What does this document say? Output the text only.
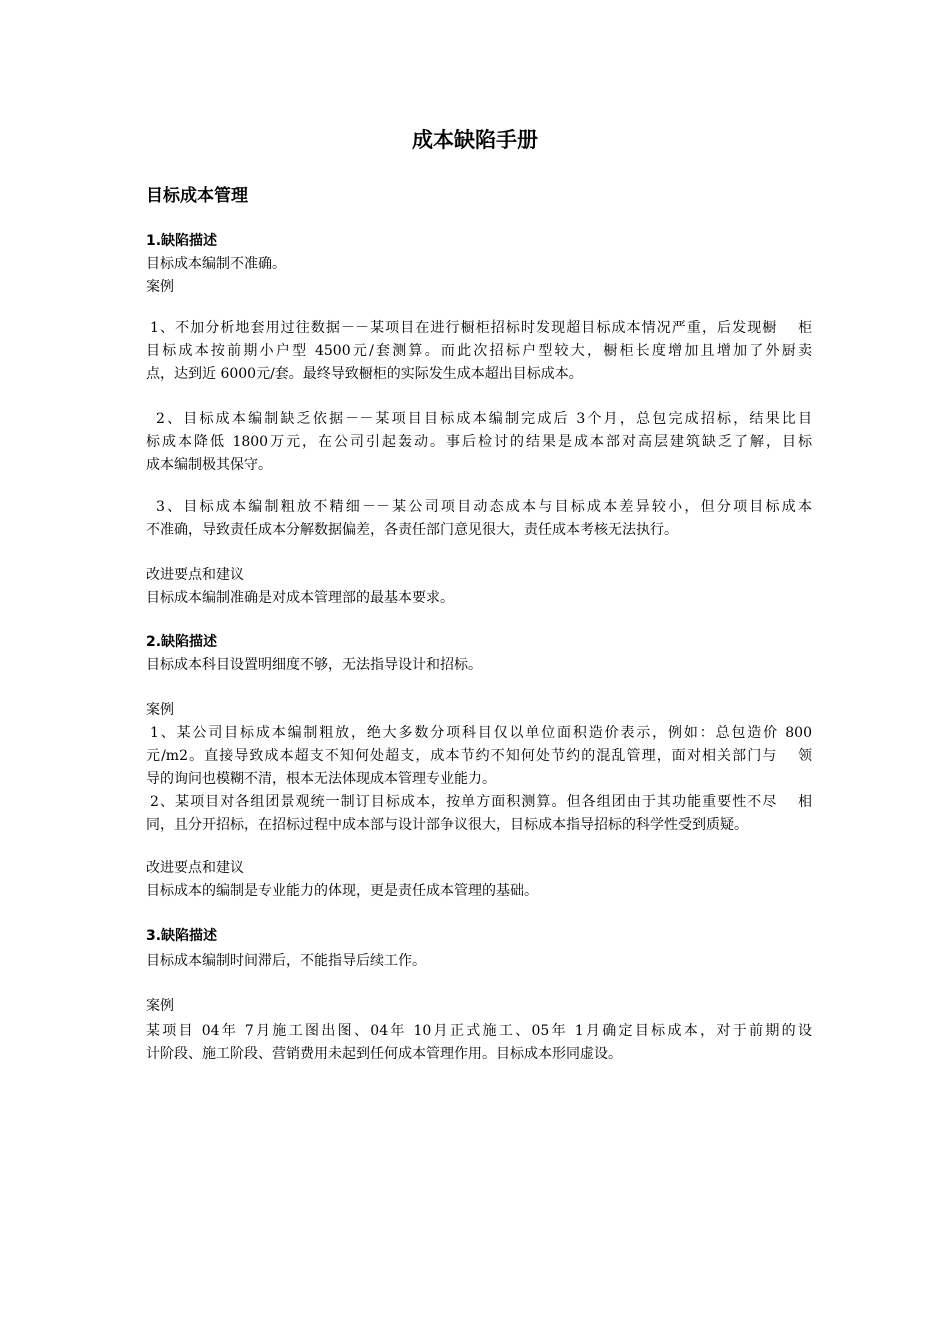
成本缺陷手册
目标成本管理
1.缺陷描述
目标成本编制不准确。
案例
1、不加分析地套用过往数据－－某项目在进行橱柜招标时发现超目标成本情况严重，后发现橱　 柜
目标成本按前期小户型 4500元/套测算。而此次招标户型较大，橱柜长度增加且增加了外厨卖
点，达到近 6000元/套。最终导致橱柜的实际发生成本超出目标成本。
2、目标成本编制缺乏依据－－某项目目标成本编制完成后 3个月，总包完成招标，结果比目
标成本降低 1800万元，在公司引起轰动。事后检讨的结果是成本部对高层建筑缺乏了解，目标
成本编制极其保守。
3、目标成本编制粗放不精细－－某公司项目动态成本与目标成本差异较小，但分项目标成本
不准确，导致责任成本分解数据偏差，各责任部门意见很大，责任成本考核无法执行。
改进要点和建议
目标成本编制准确是对成本管理部的最基本要求。
2.缺陷描述
目标成本科目设置明细度不够，无法指导设计和招标。
案例
1、某公司目标成本编制粗放，绝大多数分项科目仅以单位面积造价表示，例如：总包造价 800
元/m2。直接导致成本超支不知何处超支，成本节约不知何处节约的混乱管理，面对相关部门与　 领
导的询问也模糊不清，根本无法体现成本管理专业能力。
2、某项目对各组团景观统一制订目标成本，按单方面积测算。但各组团由于其功能重要性不尽　 相
同，且分开招标，在招标过程中成本部与设计部争议很大，目标成本指导招标的科学性受到质疑。
改进要点和建议
目标成本的编制是专业能力的体现，更是责任成本管理的基础。
3.缺陷描述
目标成本编制时间滞后，不能指导后续工作。
案例
某项目 04年 7月施工图出图、04年 10月正式施工、05年 1月确定目标成本，对于前期的设
计阶段、施工阶段、营销费用未起到任何成本管理作用。目标成本形同虚设。
